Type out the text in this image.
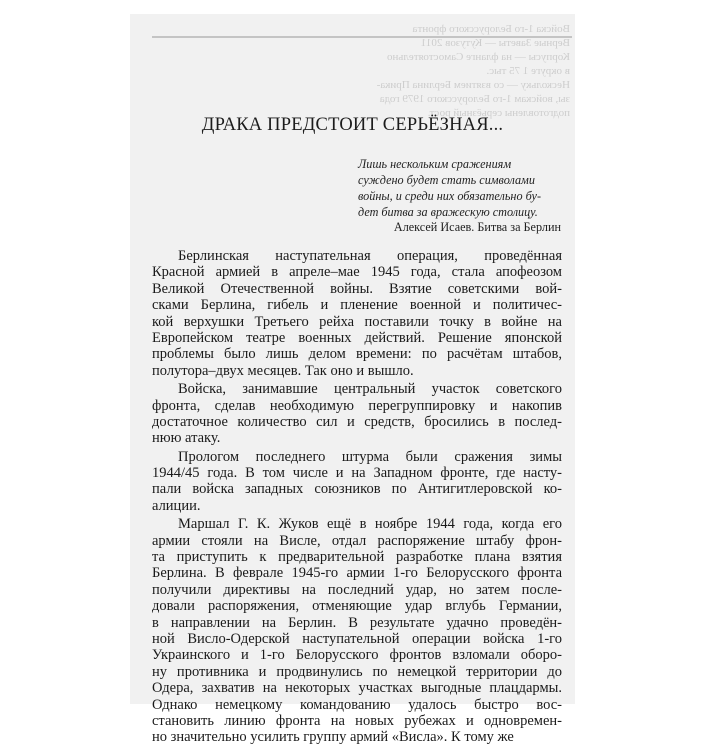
Войска 1-го Белорусского фронта
Верные Заветы — Кутузов 2011
Корпусы — на фланге Самостоятельно
в округе 1 75 тыс.
Нескольку — со взятием Берлина Прика-
зы, войскам 1-го Белорусского 1979 года
подготовлены серьёзный рост.
ДРАКА ПРЕДСТОИТ СЕРЬЁЗНАЯ...
Лишь нескольким сражениям
суждено будет стать символами
войны, и среди них обязательно бу-
дет битва за вражескую столицу.
Алексей Исаев. Битва за Берлин
Берлинская наступательная операция, проведённая
Красной армией в апреле–мае 1945 года, стала апофеозом
Великой Отечественной войны. Взятие советскими вой-
сками Берлина, гибель и пленение военной и политичес-
кой верхушки Третьего рейха поставили точку в войне на
Европейском театре военных действий. Решение японской
проблемы было лишь делом времени: по расчётам штабов,
полутора–двух месяцев. Так оно и вышло.
Войска, занимавшие центральный участок советского
фронта, сделав необходимую перегруппировку и накопив
достаточное количество сил и средств, бросились в послед-
нюю атаку.
Прологом последнего штурма были сражения зимы
1944/45 года. В том числе и на Западном фронте, где насту-
пали войска западных союзников по Антигитлеровской ко-
алиции.
Маршал Г. К. Жуков ещё в ноябре 1944 года, когда его
армии стояли на Висле, отдал распоряжение штабу фрон-
та приступить к предварительной разработке плана взятия
Берлина. В феврале 1945-го армии 1-го Белорусского фронта
получили директивы на последний удар, но затем после-
довали распоряжения, отменяющие удар вглубь Германии,
в направлении на Берлин. В результате удачно проведён-
ной Висло-Одерской наступательной операции войска 1-го
Украинского и 1-го Белорусского фронтов взломали оборо-
ну противника и продвинулись по немецкой территории до
Одера, захватив на некоторых участках выгодные плацдармы.
Однако немецкому командованию удалось быстро вос-
становить линию фронта на новых рубежах и одновремен-
но значительно усилить группу армий «Висла». К тому же
